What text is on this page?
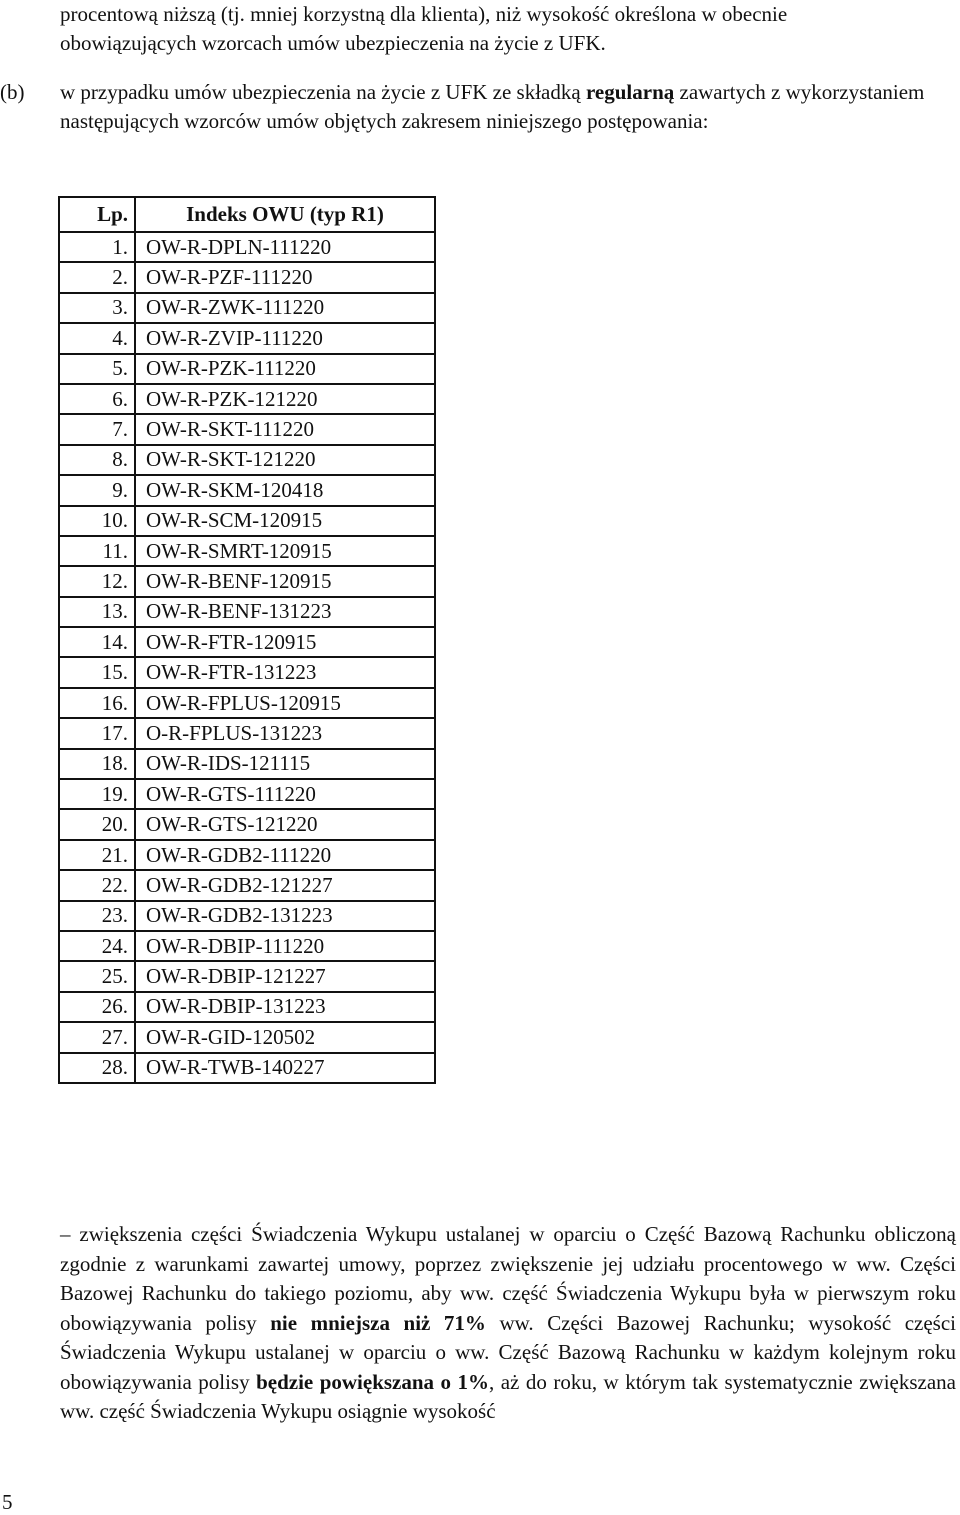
procentową niższą (tj. mniej korzystną dla klienta), niż wysokość określona w obecnie
obowiązujących wzorcach umów ubezpieczenia na życie z UFK.
(b) w przypadku umów ubezpieczenia na życie z UFK ze składką regularną zawartych z wykorzystaniem następujących wzorców umów objętych zakresem niniejszego postępowania:
Lp.	Indeks OWU (typ R1)
1.	OW-R-DPLN-111220
2.	OW-R-PZF-111220
3.	OW-R-ZWK-111220
4.	OW-R-ZVIP-111220
5.	OW-R-PZK-111220
6.	OW-R-PZK-121220
7.	OW-R-SKT-111220
8.	OW-R-SKT-121220
9.	OW-R-SKM-120418
10.	OW-R-SCM-120915
11.	OW-R-SMRT-120915
12.	OW-R-BENF-120915
13.	OW-R-BENF-131223
14.	OW-R-FTR-120915
15.	OW-R-FTR-131223
16.	OW-R-FPLUS-120915
17.	O-R-FPLUS-131223
18.	OW-R-IDS-121115
19.	OW-R-GTS-111220
20.	OW-R-GTS-121220
21.	OW-R-GDB2-111220
22.	OW-R-GDB2-121227
23.	OW-R-GDB2-131223
24.	OW-R-DBIP-111220
25.	OW-R-DBIP-121227
26.	OW-R-DBIP-131223
27.	OW-R-GID-120502
28.	OW-R-TWB-140227
– zwiększenia części Świadczenia Wykupu ustalanej w oparciu o Część Bazową Rachunku obliczoną zgodnie z warunkami zawartej umowy, poprzez zwiększenie jej udziału procentowego w ww. Części Bazowej Rachunku do takiego poziomu, aby ww. część Świadczenia Wykupu była w pierwszym roku obowiązywania polisy nie mniejsza niż 71% ww. Części Bazowej Rachunku; wysokość części Świadczenia Wykupu ustalanej w oparciu o ww. Część Bazową Rachunku w każdym kolejnym roku obowiązywania polisy będzie powiększana o 1%, aż do roku, w którym tak systematycznie zwiększana ww. część Świadczenia Wykupu osiągnie wysokość
5
